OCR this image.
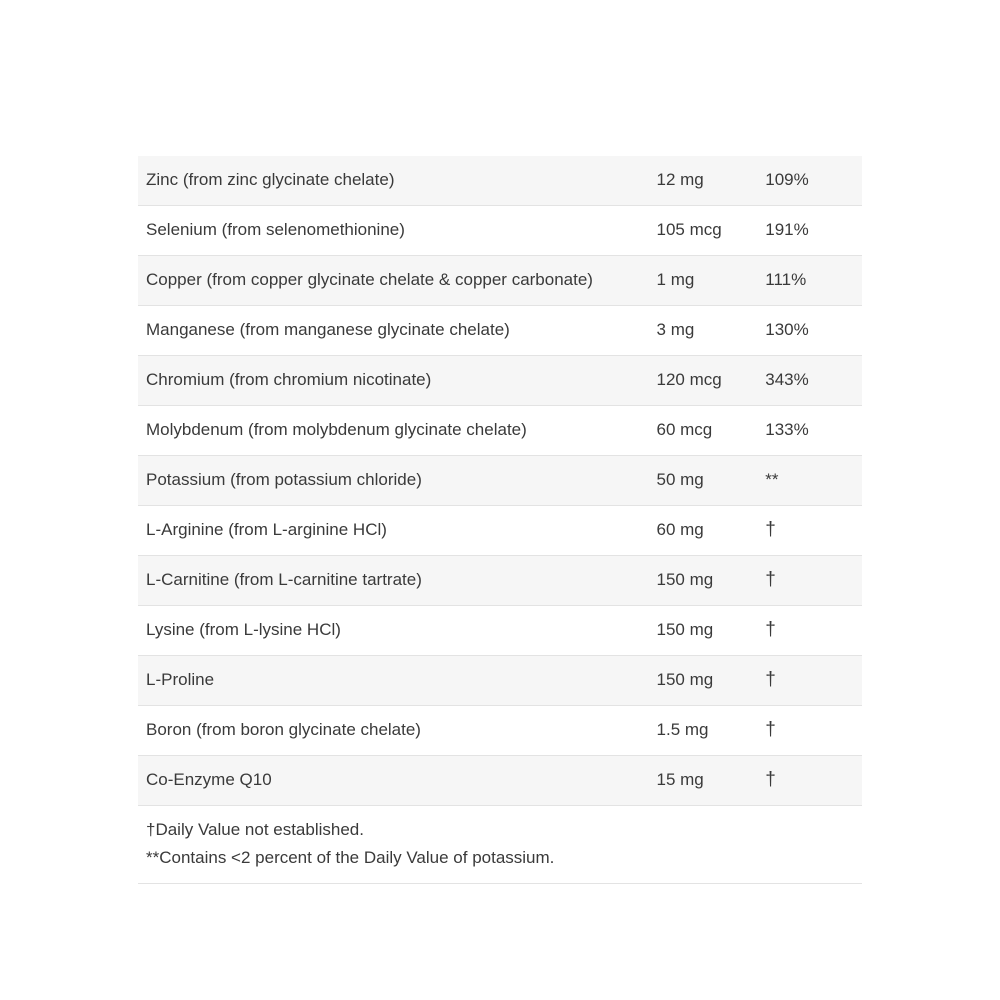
Zinc (from zinc glycinate chelate)	12 mg	109%
Selenium (from selenomethionine)	105 mcg	191%
Copper (from copper glycinate chelate & copper carbonate)	1 mg	111%
Manganese (from manganese glycinate chelate)	3 mg	130%
Chromium (from chromium nicotinate)	120 mcg	343%
Molybdenum (from molybdenum glycinate chelate)	60 mcg	133%
Potassium (from potassium chloride)	50 mg	**
L-Arginine (from L-arginine HCl)	60 mg	†
L-Carnitine (from L-carnitine tartrate)	150 mg	†
Lysine (from L-lysine HCl)	150 mg	†
L-Proline	150 mg	†
Boron (from boron glycinate chelate)	1.5 mg	†
Co-Enzyme Q10	15 mg	†

†Daily Value not established.
**Contains <2 percent of the Daily Value of potassium.		
